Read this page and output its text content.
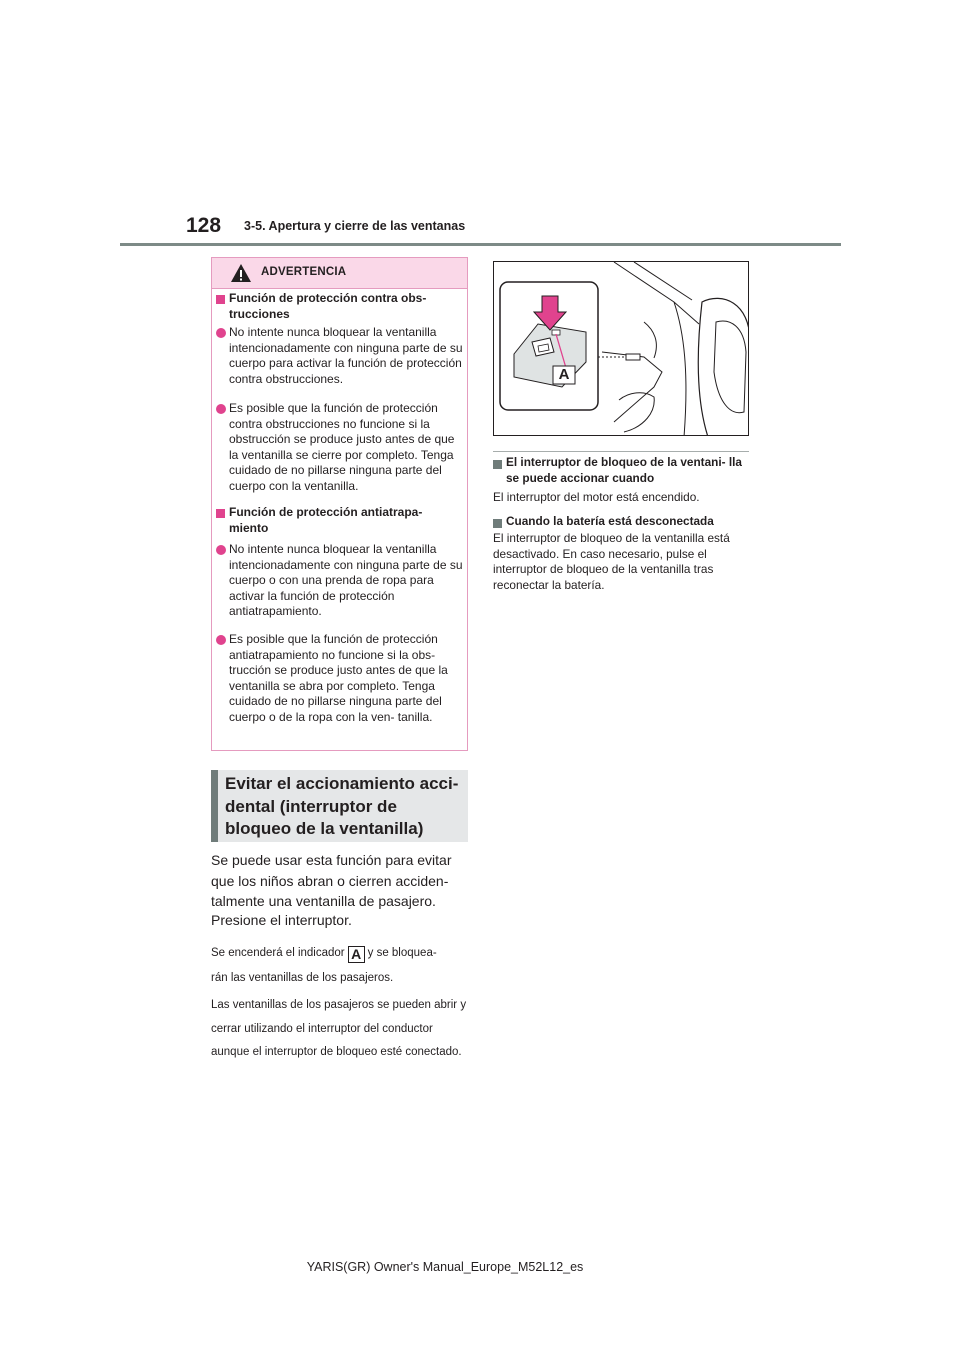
128 3-5. Apertura y cierre de las ventanas
ADVERTENCIA
Función de protección contra obs- trucciones
No intente nunca bloquear la ventanilla intencionadamente con ninguna parte de su cuerpo para activar la función de protección contra obstrucciones.
Es posible que la función de protección contra obstrucciones no funcione si la obstrucción se produce justo antes de que la ventanilla se cierre por completo. Tenga cuidado de no pillarse ninguna parte del cuerpo con la ventanilla.
Función de protección antiatrapa- miento
No intente nunca bloquear la ventanilla intencionadamente con ninguna parte de su cuerpo o con una prenda de ropa para activar la función de protección antiatrapamiento.
Es posible que la función de protección antiatrapamiento no funcione si la obs- trucción se produce justo antes de que la ventanilla se abra por completo. Tenga cuidado de no pillarse ninguna parte del cuerpo o de la ropa con la ven- tanilla.
Evitar el accionamiento acci- dental (interruptor de bloqueo de la ventanilla)
Se puede usar esta función para evitar que los niños abran o cierren acciden- talmente una ventanilla de pasajero.
Presione el interruptor.
Se encenderá el indicador A y se bloquea-
rán las ventanillas de los pasajeros.
Las ventanillas de los pasajeros se pueden abrir y cerrar utilizando el interruptor del conductor aunque el interruptor de bloqueo esté conectado.
A
El interruptor de bloqueo de la ventani- lla se puede accionar cuando
El interruptor del motor está encendido.
Cuando la batería está desconectada
El interruptor de bloqueo de la ventanilla está desactivado. En caso necesario, pulse el interruptor de bloqueo de la ventanilla tras reconectar la batería.
YARIS(GR) Owner's Manual_Europe_M52L12_es
